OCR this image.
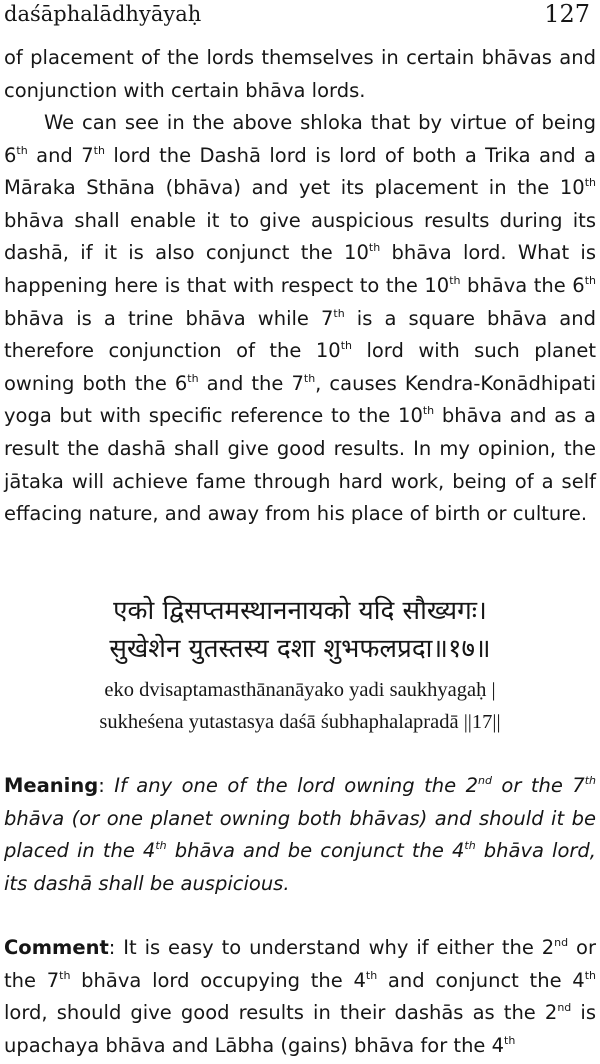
daśāphalādhyāyaḥ	127

of placement of the lords themselves in certain bhāvas and conjunction with certain bhāva lords.

We can see in the above shloka that by virtue of being 6th and 7th lord the Dashā lord is lord of both a Trika and a Māraka Sthāna (bhāva) and yet its placement in the 10th bhāva shall enable it to give auspicious results during its dashā, if it is also conjunct the 10th bhāva lord. What is happening here is that with respect to the 10th bhāva the 6th bhāva is a trine bhāva while 7th is a square bhāva and therefore conjunction of the 10th lord with such planet owning both the 6th and the 7th, causes Kendra-Konādhipati yoga but with specific reference to the 10th bhāva and as a result the dashā shall give good results. In my opinion, the jātaka will achieve fame through hard work, being of a self effacing nature, and away from his place of birth or culture.

एको द्विसप्तमस्थाननायको यदि सौख्यगः।
सुखेशेन युतस्तस्य दशा शुभफलप्रदा॥१७॥
eko dvisaptamasthānanāyako yadi saukhyagaḥ |
sukheśena yutastasya daśā śubhaphalapradā ||17||

Meaning: If any one of the lord owning the 2nd or the 7th bhāva (or one planet owning both bhāvas) and should it be placed in the 4th bhāva and be conjunct the 4th bhāva lord, its dashā shall be auspicious.

Comment: It is easy to understand why if either the 2nd or the 7th bhāva lord occupying the 4th and conjunct the 4th lord, should give good results in their dashās as the 2nd is upachaya bhāva and Lābha (gains) bhāva for the 4th
